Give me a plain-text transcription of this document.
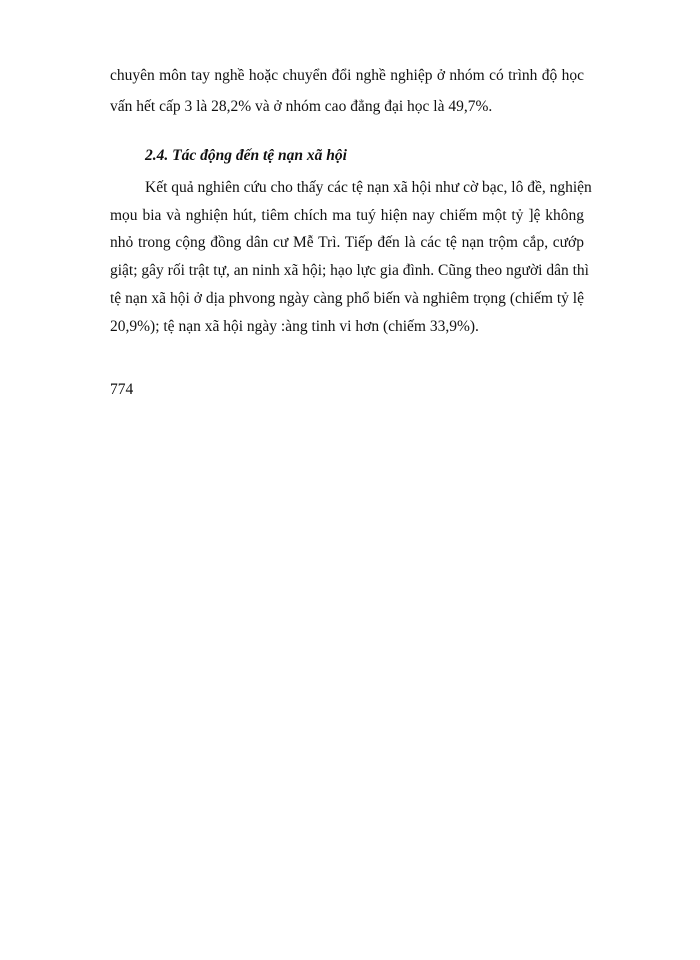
chuyên môn tay nghề hoặc chuyển đổi nghề nghiệp ở nhóm có trình độ học
vấn hết cấp 3 là 28,2% và ở nhóm cao đẳng đại học là 49,7%.
2.4. Tác động đến tệ nạn xã hội
Kết quả nghiên cứu cho thấy các tệ nạn xã hội như cờ bạc, lô đề, nghiện
mọu bia và nghiện hút, tiêm chích ma tuý hiện nay chiếm một tỷ ]ệ không
nhỏ trong cộng đồng dân cư Mễ Trì. Tiếp đến là các tệ nạn trộm cắp, cướp
giật; gây rối trật tự, an ninh xã hội; hạo lực gia đình. Cũng theo người dân thì
tệ nạn xã hội ở dịa phvong ngày càng phổ biến và nghiêm trọng (chiếm tỷ lệ
20,9%); tệ nạn xã hội ngày :àng tinh vi hơn (chiếm 33,9%).
774
